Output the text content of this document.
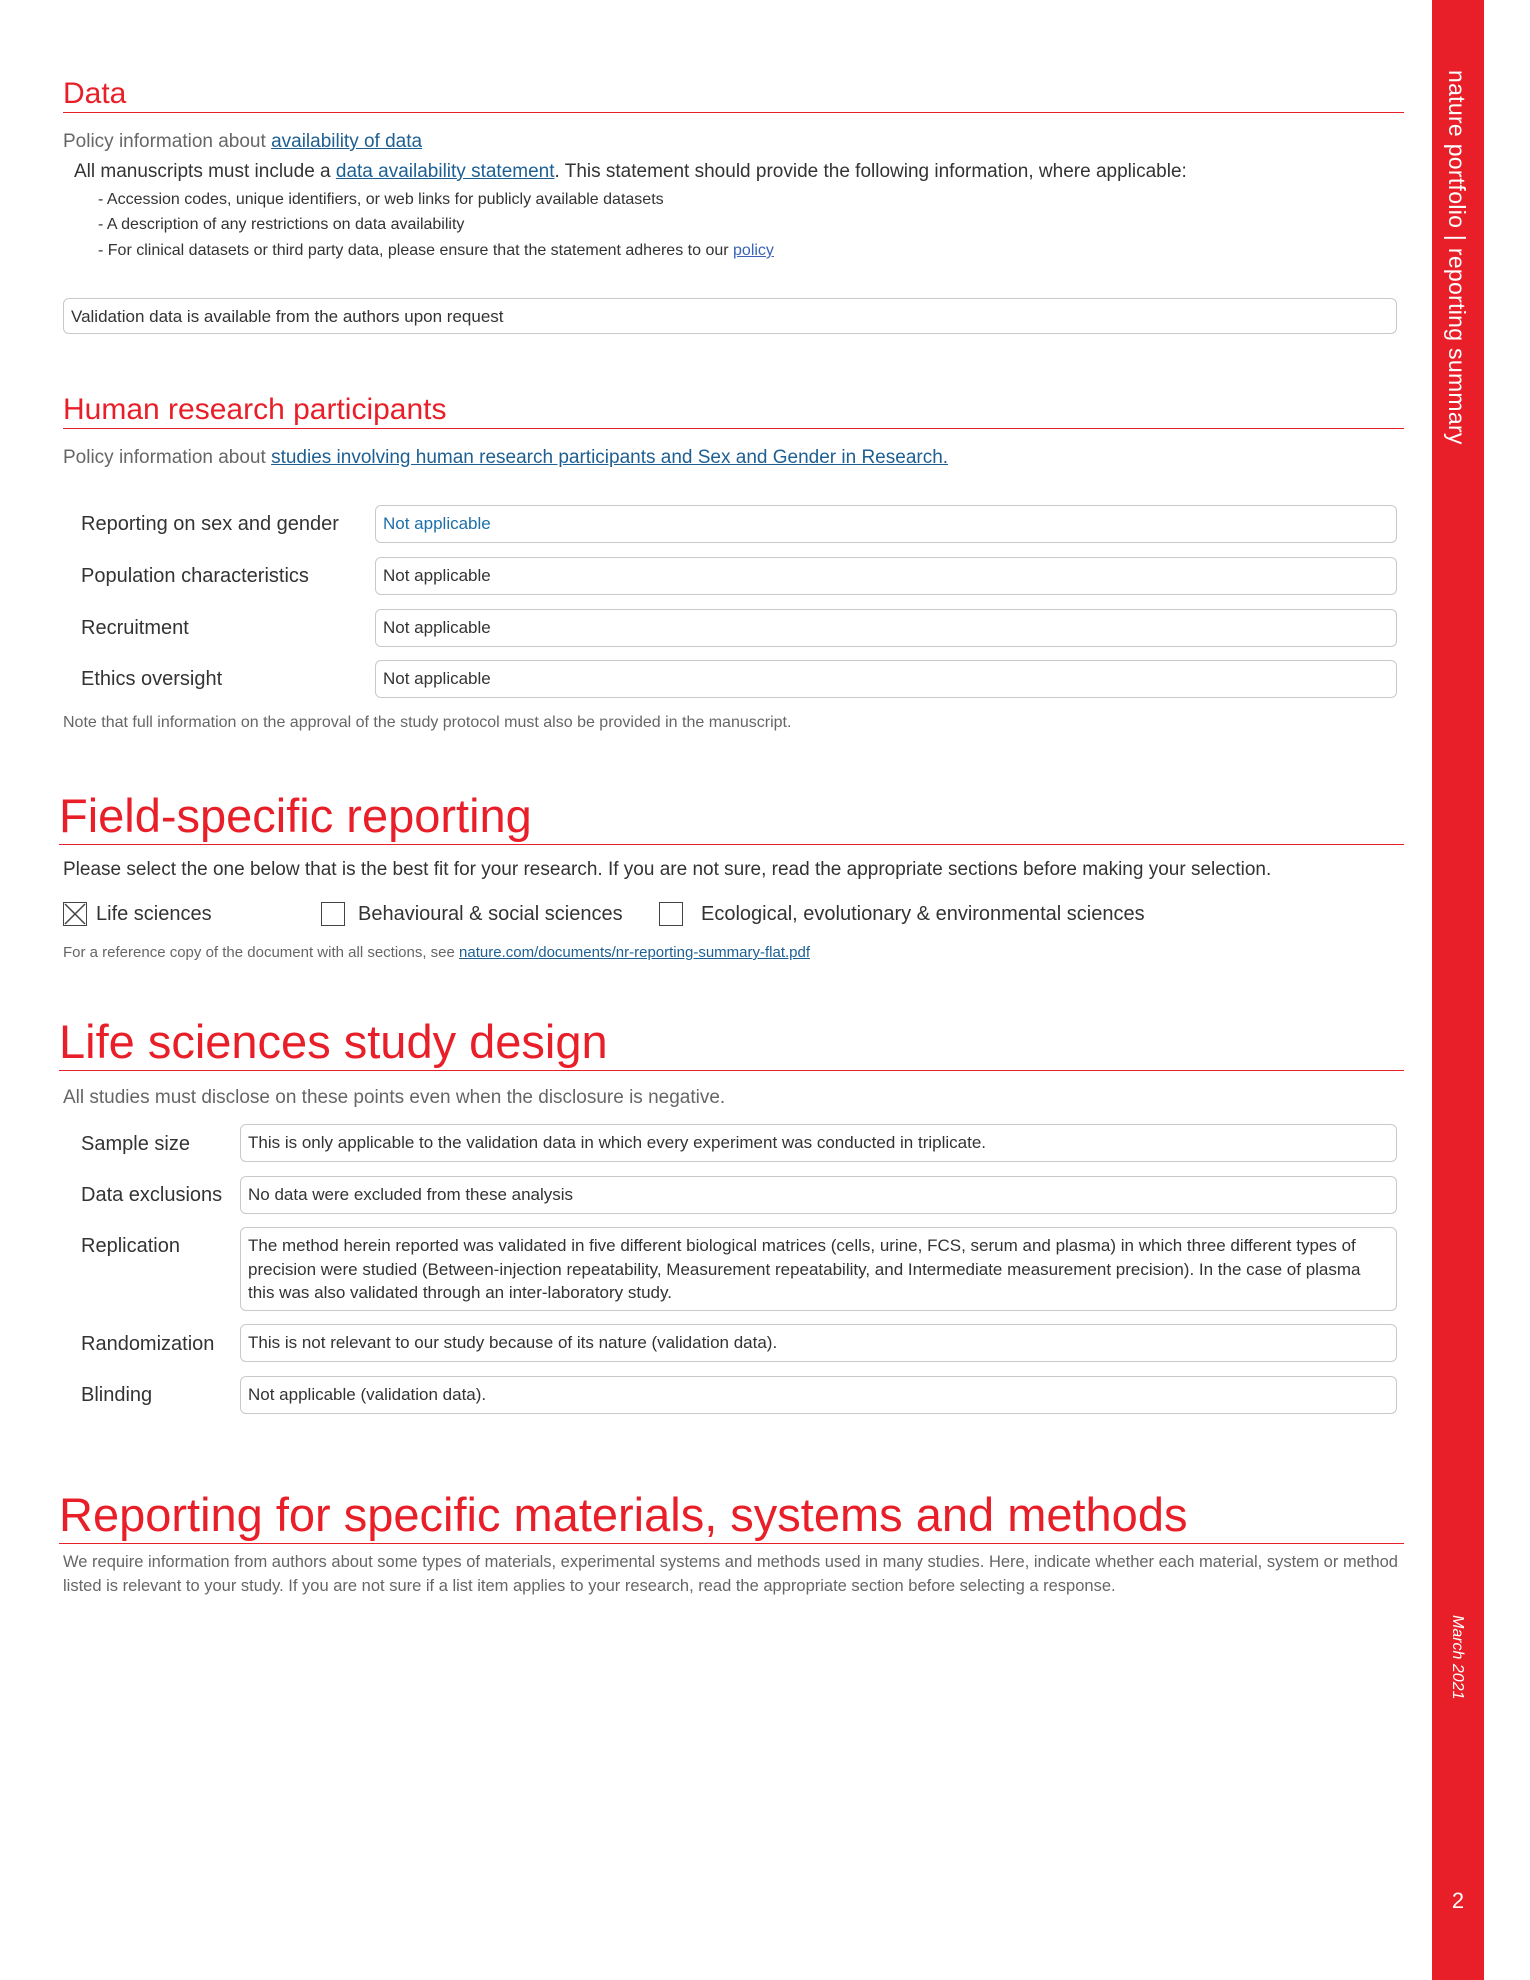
nature portfolio | reporting summary
March 2021
2
Data
Policy information about availability of data
All manuscripts must include a data availability statement. This statement should provide the following information, where applicable:
- Accession codes, unique identifiers, or web links for publicly available datasets
- A description of any restrictions on data availability
- For clinical datasets or third party data, please ensure that the statement adheres to our policy
Validation data is available from the authors upon request
Human research participants
Policy information about studies involving human research participants and Sex and Gender in Research.
Reporting on sex and gender	Not applicable
Population characteristics	Not applicable
Recruitment	Not applicable
Ethics oversight	Not applicable
Note that full information on the approval of the study protocol must also be provided in the manuscript.
Field-specific reporting
Please select the one below that is the best fit for your research. If you are not sure, read the appropriate sections before making your selection.
Life sciences	Behavioural & social sciences	Ecological, evolutionary & environmental sciences
For a reference copy of the document with all sections, see nature.com/documents/nr-reporting-summary-flat.pdf
Life sciences study design
All studies must disclose on these points even when the disclosure is negative.
Sample size	This is only applicable to the validation data in which every experiment was conducted in triplicate.
Data exclusions	No data were excluded from these analysis
Replication	The method herein reported was validated in five different biological matrices (cells, urine, FCS, serum and plasma) in which three different types of precision were studied (Between-injection repeatability, Measurement repeatability, and Intermediate measurement precision). In the case of plasma this was also validated through an inter-laboratory study.
Randomization	This is not relevant to our study because of its nature (validation data).
Blinding	Not applicable (validation data).
Reporting for specific materials, systems and methods
We require information from authors about some types of materials, experimental systems and methods used in many studies. Here, indicate whether each material, system or method listed is relevant to your study. If you are not sure if a list item applies to your research, read the appropriate section before selecting a response.
